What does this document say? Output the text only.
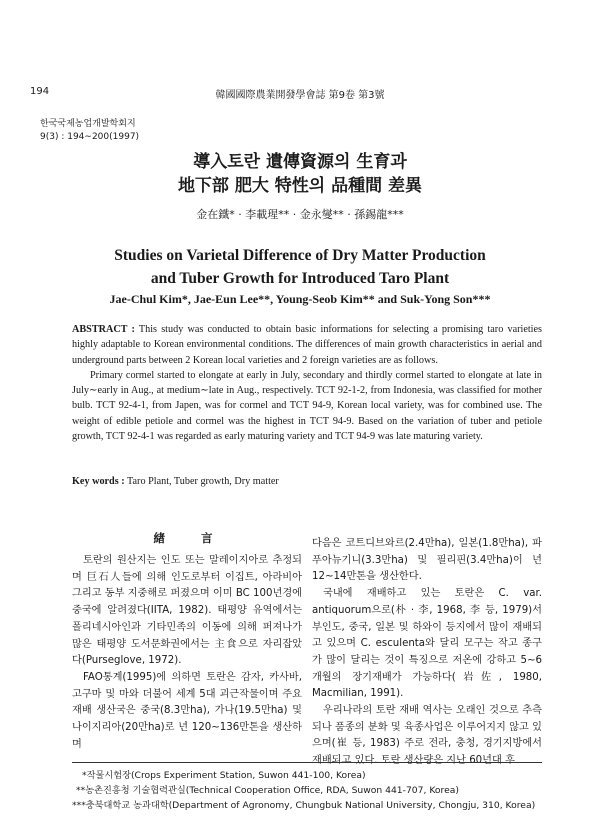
194	韓國國際農業開發學會誌 第9卷 第3號
한국국제농업개발학회지
9(3) : 194∼200(1997)
導入토란 遺傳資源의 生育과
地下部 肥大 特性의 品種間 差異
金在鐵* · 李載瑆** · 金永燮** · 孫錫龍***
Studies on Varietal Difference of Dry Matter Production
and Tuber Growth for Introduced Taro Plant
Jae-Chul Kim*, Jae-Eun Lee**, Young-Seob Kim** and Suk-Yong Son***

ABSTRACT : This study was conducted to obtain basic informations for selecting a promising taro varieties highly adaptable to Korean environmental conditions. The differences of main growth characteristics in aerial and underground parts between 2 Korean local varieties and 2 foreign varieties are as follows.

Primary cormel started to elongate at early in July, secondary and thirdly cormel started to elongate at late in July∼early in Aug., at medium∼late in Aug., respectively. TCT 92-1-2, from Indonesia, was classified for mother bulb. TCT 92-4-1, from Japen, was for cormel and TCT 94-9, Korean local variety, was for combined use. The weight of edible petiole and cormel was the highest in TCT 94-9. Based on the variation of tuber and petiole growth, TCT 92-4-1 was regarded as early maturing variety and TCT 94-9 was late maturing variety.

Key words : Taro Plant, Tuber growth, Dry matter
緖 言

토란의 원산지는 인도 또는 말레이지아로 추정되며 巨石人들에 의해 인도로부터 이집트, 아라비아 그리고 동부 지중해로 퍼졌으며 이미 BC 100년경에 중국에 알려졌다(IITA, 1982). 태평양 유역에서는 폴리네시아인과 기타민족의 이동에 의해 퍼져나가 많은 태평양 도서문화권에서는 主食으로 자리잡았다(Purseglove, 1972).

FAO통계(1995)에 의하면 토란은 감자, 카사바, 고구마 및 마와 더불어 세계 5대 괴근작물이며 주요 재배 생산국은 중국(8.3만ha), 가나(19.5만ha) 및 나이지리아(20만ha)로 년 120∼136만톤을 생산하며

다음은 코트디브와르(2.4만ha), 일본(1.8만ha), 파푸아뉴기니(3.3만ha) 및 필리핀(3.4만ha)이 년 12∼14만톤을 생산한다.

국내에 재배하고 있는 토란은 C. var. antiquorum으로(朴 · 李, 1968, 李 등, 1979)서부인도, 중국, 일본 및 하와이 등지에서 많이 재배되고 있으며 C. esculenta와 달리 모구는 작고 종구가 많이 달리는 것이 특징으로 저온에 강하고 5∼6개월의 장기재배가 가능하다(岩佐, 1980, Macmilian, 1991).

우리나라의 토란 재배 역사는 오래인 것으로 추측되나 품종의 분화 및 육종사업은 이루어지지 않고 있으며(崔 등, 1983) 주로 전라, 충청, 경기지방에서 재배되고 있다. 토란 생산량은 지난 60년대 후

*작물시험장(Crops Experiment Station, Suwon 441-100, Korea)
**농촌진흥청 기술협력관실(Technical Cooperation Office, RDA, Suwon 441-707, Korea)
***충북대학교 농과대학(Department of Agronomy, Chungbuk National University, Chongju, 310, Korea)
